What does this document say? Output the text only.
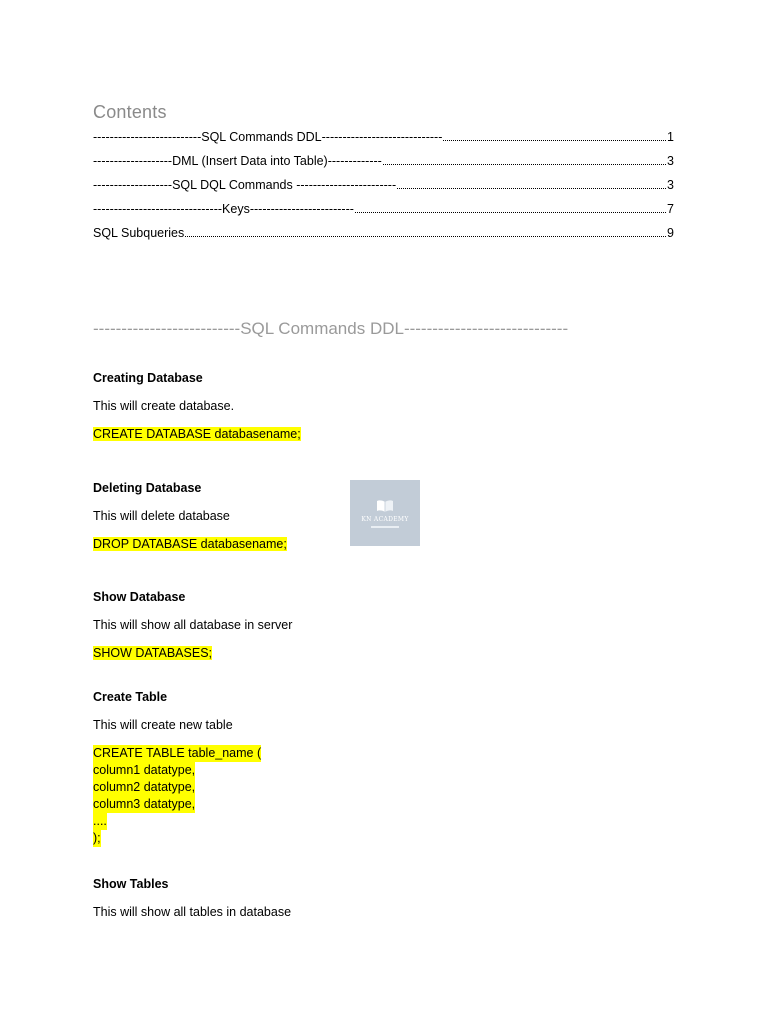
Contents
--------------------------SQL Commands DDL-----------------------------	1
-------------------DML (Insert Data into Table)-------------	3
-------------------SQL DQL Commands ------------------------	3
-------------------------------Keys-------------------------	7
SQL Subqueries	9
--------------------------SQL Commands DDL-----------------------------
Creating Database
This will create database.
CREATE DATABASE databasename;
Deleting Database
This will delete database
DROP DATABASE databasename;
KN ACADEMY
Show Database
This will show all database in server
SHOW DATABASES;
Create Table
This will create new table
CREATE TABLE table_name (
column1 datatype,
column2 datatype,
column3 datatype,
....
);
Show Tables
This will show all tables in database
